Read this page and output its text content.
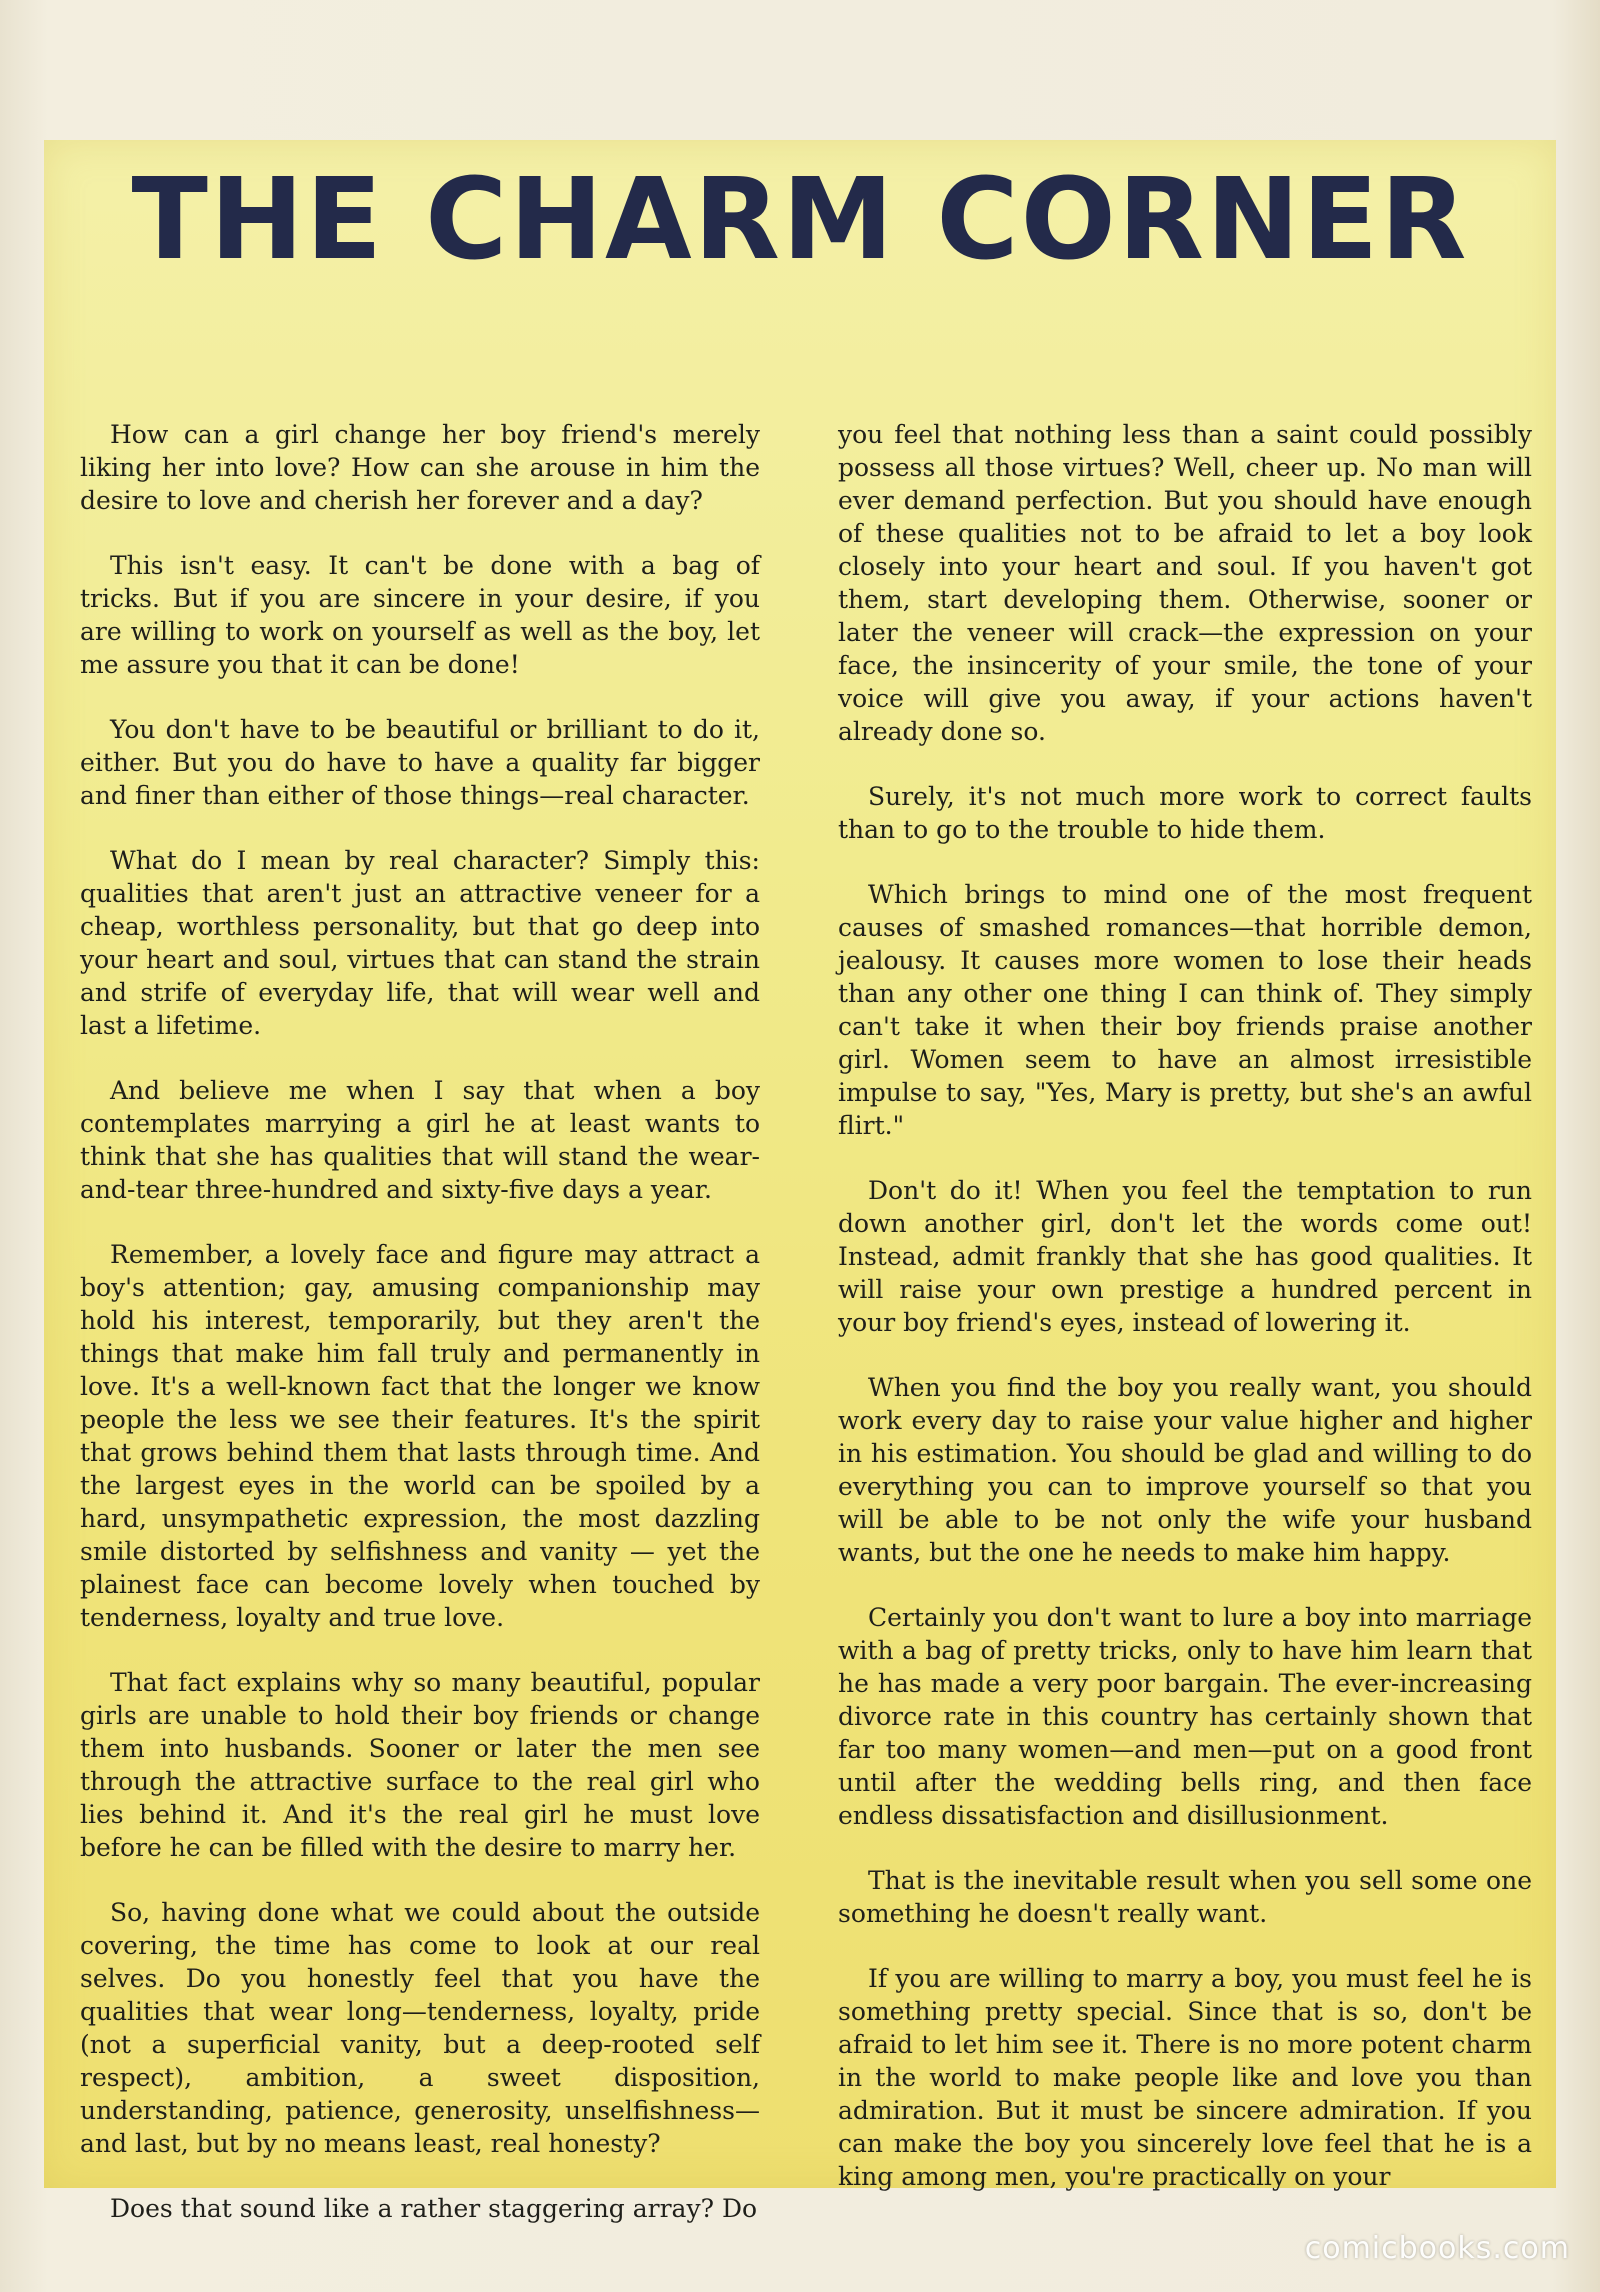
THE CHARM CORNER

How can a girl change her boy friend's merely liking her into love? How can she arouse in him the desire to love and cherish her forever and a day?

This isn't easy. It can't be done with a bag of tricks. But if you are sincere in your desire, if you are willing to work on yourself as well as the boy, let me assure you that it can be done!

You don't have to be beautiful or brilliant to do it, either. But you do have to have a quality far bigger and finer than either of those things—real character.

What do I mean by real character? Simply this: qualities that aren't just an attractive veneer for a cheap, worthless personality, but that go deep into your heart and soul, virtues that can stand the strain and strife of everyday life, that will wear well and last a lifetime.

And believe me when I say that when a boy contemplates marrying a girl he at least wants to think that she has qualities that will stand the wear-and-tear three-hundred and sixty-five days a year.

Remember, a lovely face and figure may attract a boy's attention; gay, amusing companionship may hold his interest, temporarily, but they aren't the things that make him fall truly and permanently in love. It's a well-known fact that the longer we know people the less we see their features. It's the spirit that grows behind them that lasts through time. And the largest eyes in the world can be spoiled by a hard, unsympathetic expression, the most dazzling smile distorted by selfishness and vanity — yet the plainest face can become lovely when touched by tenderness, loyalty and true love.

That fact explains why so many beautiful, popular girls are unable to hold their boy friends or change them into husbands. Sooner or later the men see through the attractive surface to the real girl who lies behind it. And it's the real girl he must love before he can be filled with the desire to marry her.

So, having done what we could about the outside covering, the time has come to look at our real selves. Do you honestly feel that you have the qualities that wear long—tenderness, loyalty, pride (not a superficial vanity, but a deep-rooted self respect), ambition, a sweet disposition, understanding, patience, generosity, unselfishness—and last, but by no means least, real honesty?

Does that sound like a rather staggering array? Do

you feel that nothing less than a saint could possibly possess all those virtues? Well, cheer up. No man will ever demand perfection. But you should have enough of these qualities not to be afraid to let a boy look closely into your heart and soul. If you haven't got them, start developing them. Otherwise, sooner or later the veneer will crack—the expression on your face, the insincerity of your smile, the tone of your voice will give you away, if your actions haven't already done so.

Surely, it's not much more work to correct faults than to go to the trouble to hide them.

Which brings to mind one of the most frequent causes of smashed romances—that horrible demon, jealousy. It causes more women to lose their heads than any other one thing I can think of. They simply can't take it when their boy friends praise another girl. Women seem to have an almost irresistible impulse to say, "Yes, Mary is pretty, but she's an awful flirt."

Don't do it! When you feel the temptation to run down another girl, don't let the words come out! Instead, admit frankly that she has good qualities. It will raise your own prestige a hundred percent in your boy friend's eyes, instead of lowering it.

When you find the boy you really want, you should work every day to raise your value higher and higher in his estimation. You should be glad and willing to do everything you can to improve yourself so that you will be able to be not only the wife your husband wants, but the one he needs to make him happy.

Certainly you don't want to lure a boy into marriage with a bag of pretty tricks, only to have him learn that he has made a very poor bargain. The ever-increasing divorce rate in this country has certainly shown that far too many women—and men—put on a good front until after the wedding bells ring, and then face endless dissatisfaction and disillusionment.

That is the inevitable result when you sell some one something he doesn't really want.

If you are willing to marry a boy, you must feel he is something pretty special. Since that is so, don't be afraid to let him see it. There is no more potent charm in the world to make people like and love you than admiration. But it must be sincere admiration. If you can make the boy you sincerely love feel that he is a king among men, you're practically on your

comicbooks.com
